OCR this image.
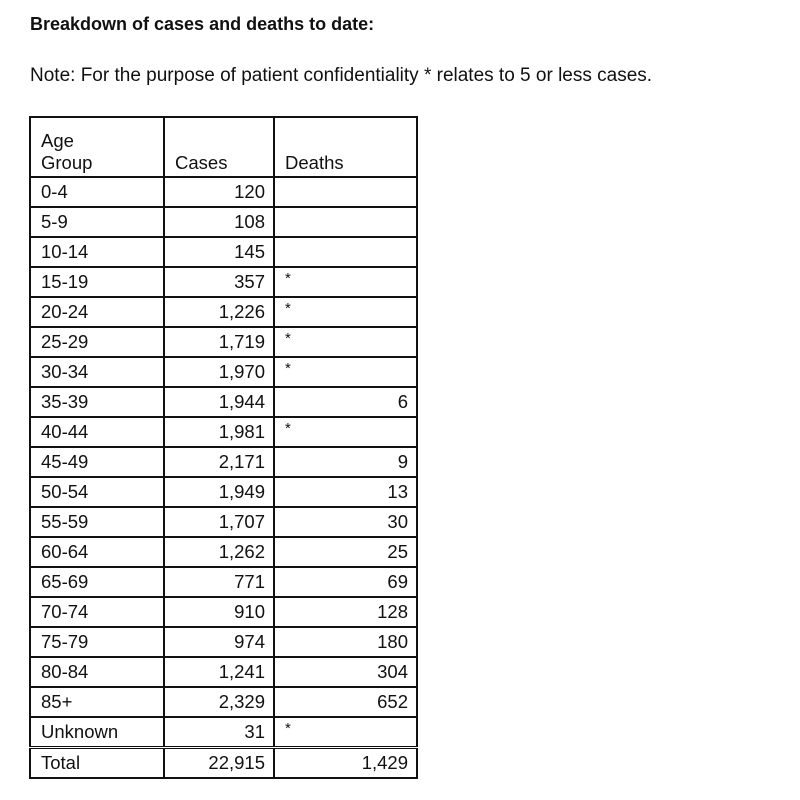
Breakdown of cases and deaths to date:
Note: For the purpose of patient confidentiality * relates to 5 or less cases.
Age
Group	Cases	Deaths
0-4	120	
5-9	108	
10-14	145	
15-19	357	*
20-24	1,226	*
25-29	1,719	*
30-34	1,970	*
35-39	1,944	6
40-44	1,981	*
45-49	2,171	9
50-54	1,949	13
55-59	1,707	30
60-64	1,262	25
65-69	771	69
70-74	910	128
75-79	974	180
80-84	1,241	304
85+	2,329	652
Unknown	31	*
Total	22,915	1,429
